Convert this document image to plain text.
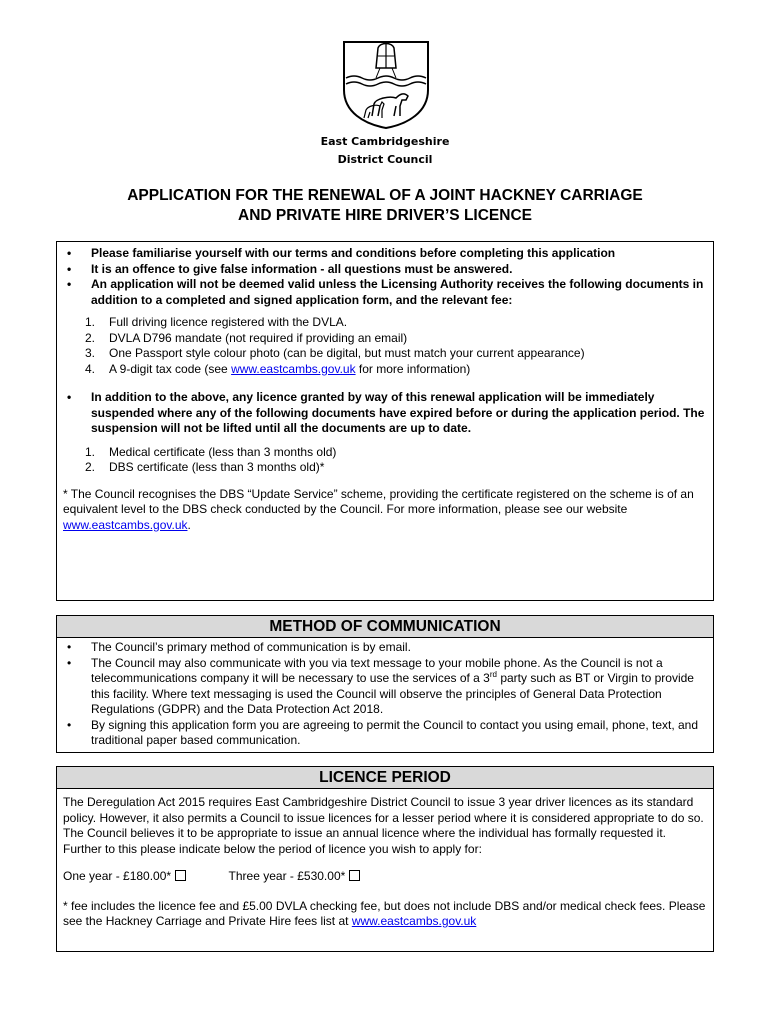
East Cambridgeshire
District Council
APPLICATION FOR THE RENEWAL OF A JOINT HACKNEY CARRIAGE
AND PRIVATE HIRE DRIVER’S LICENCE
• Please familiarise yourself with our terms and conditions before completing this application
• It is an offence to give false information - all questions must be answered.
• An application will not be deemed valid unless the Licensing Authority receives the following documents in addition to a completed and signed application form, and the relevant fee:
1. Full driving licence registered with the DVLA.
2. DVLA D796 mandate (not required if providing an email)
3. One Passport style colour photo (can be digital, but must match your current appearance)
4. A 9-digit tax code (see www.eastcambs.gov.uk for more information)
• In addition to the above, any licence granted by way of this renewal application will be immediately suspended where any of the following documents have expired before or during the application period. The suspension will not be lifted until all the documents are up to date.
1. Medical certificate (less than 3 months old)
2. DBS certificate (less than 3 months old)*
* The Council recognises the DBS “Update Service” scheme, providing the certificate registered on the scheme is of an equivalent level to the DBS check conducted by the Council. For more information, please see our website www.eastcambs.gov.uk.
METHOD OF COMMUNICATION
• The Council’s primary method of communication is by email.
• The Council may also communicate with you via text message to your mobile phone. As the Council is not a telecommunications company it will be necessary to use the services of a 3rd party such as BT or Virgin to provide this facility. Where text messaging is used the Council will observe the principles of General Data Protection Regulations (GDPR) and the Data Protection Act 2018.
• By signing this application form you are agreeing to permit the Council to contact you using email, phone, text, and traditional paper based communication.
LICENCE PERIOD
The Deregulation Act 2015 requires East Cambridgeshire District Council to issue 3 year driver licences as its standard policy. However, it also permits a Council to issue licences for a lesser period where it is considered appropriate to do so. The Council believes it to be appropriate to issue an annual licence where the individual has formally requested it. Further to this please indicate below the period of licence you wish to apply for:
One year - £180.00*	Three year - £530.00*
* fee includes the licence fee and £5.00 DVLA checking fee, but does not include DBS and/or medical check fees. Please see the Hackney Carriage and Private Hire fees list at www.eastcambs.gov.uk
